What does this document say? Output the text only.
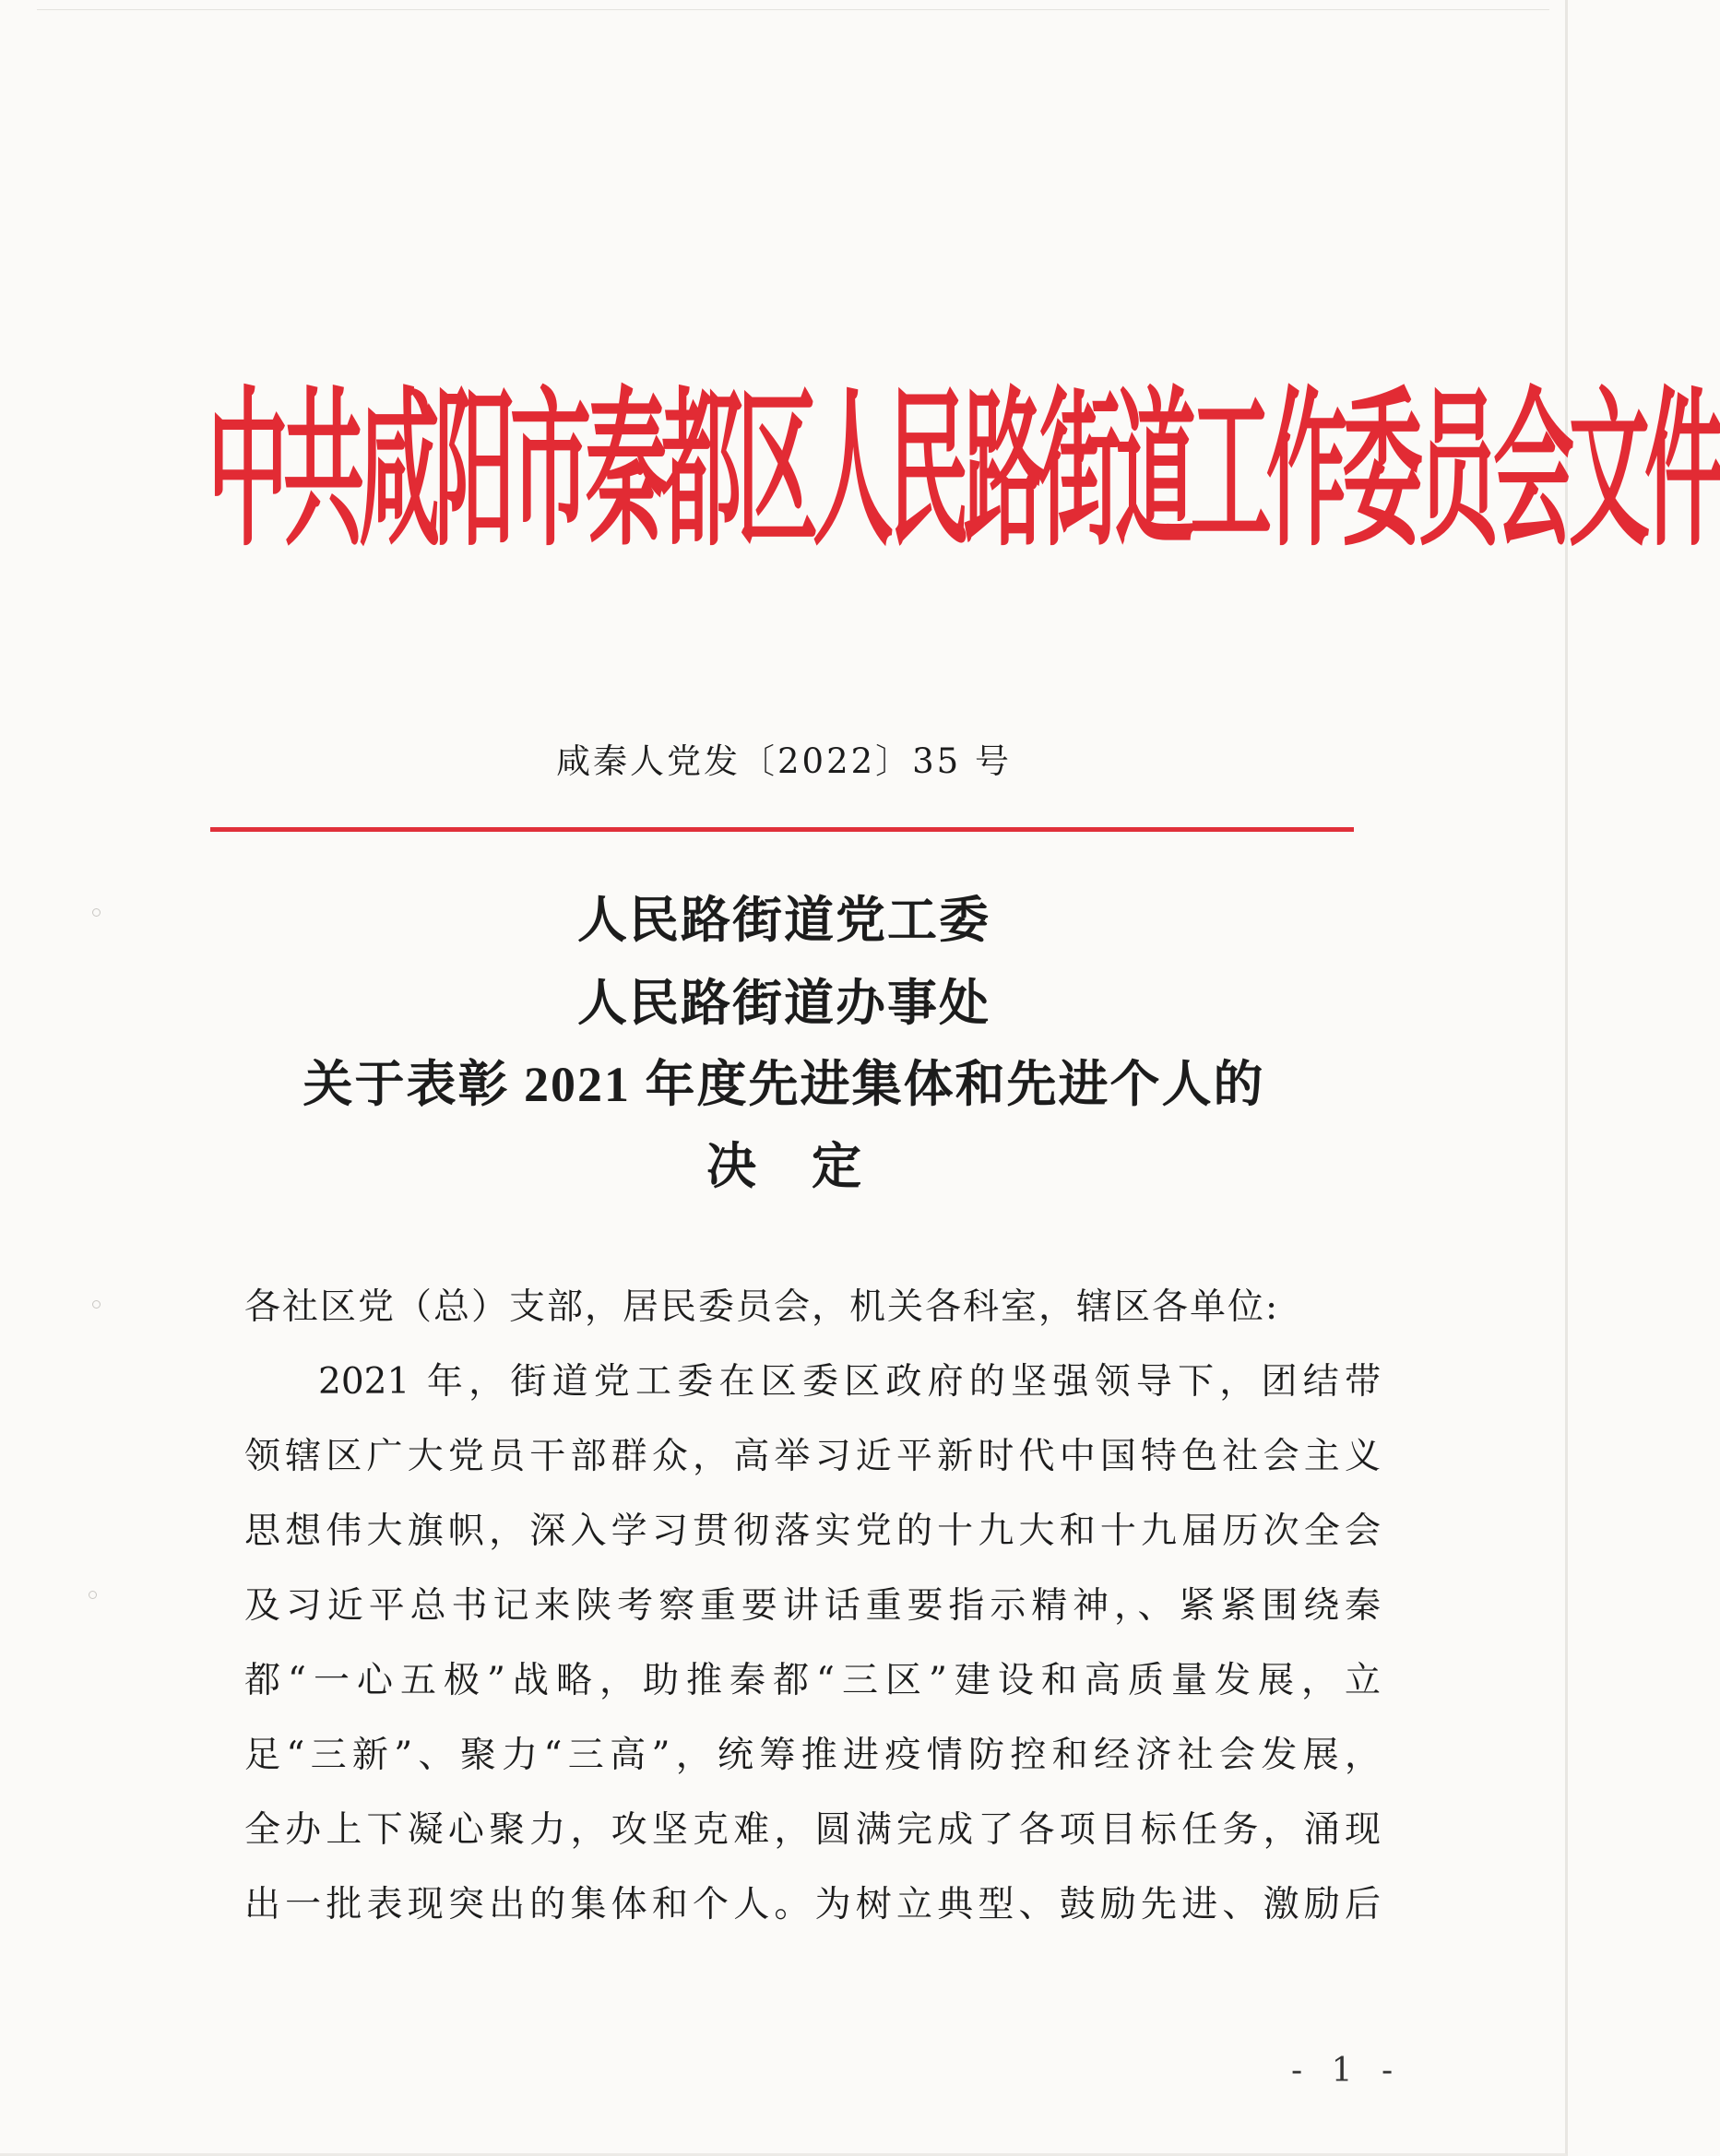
中共咸阳市秦都区人民路街道工作委员会文件
咸秦人党发〔2022〕35 号
人民路街道党工委
人民路街道办事处
关于表彰 2021 年度先进集体和先进个人的
决定
各社区党（总）支部，居民委员会，机关各科室，辖区各单位:
2021 年，街道党工委在区委区政府的坚强领导下，团结带
领辖区广大党员干部群众，高举习近平新时代中国特色社会主义
思想伟大旗帜，深入学习贯彻落实党的十九大和十九届历次全会
及习近平总书记来陕考察重要讲话重要指示精神，、紧紧围绕秦
都“一心五极”战略，助推秦都“三区”建设和高质量发展，立
足“三新”、聚力“三高”，统筹推进疫情防控和经济社会发展，
全办上下凝心聚力，攻坚克难，圆满完成了各项目标任务，涌现
出一批表现突出的集体和个人。为树立典型、鼓励先进、激励后
- 1 -
